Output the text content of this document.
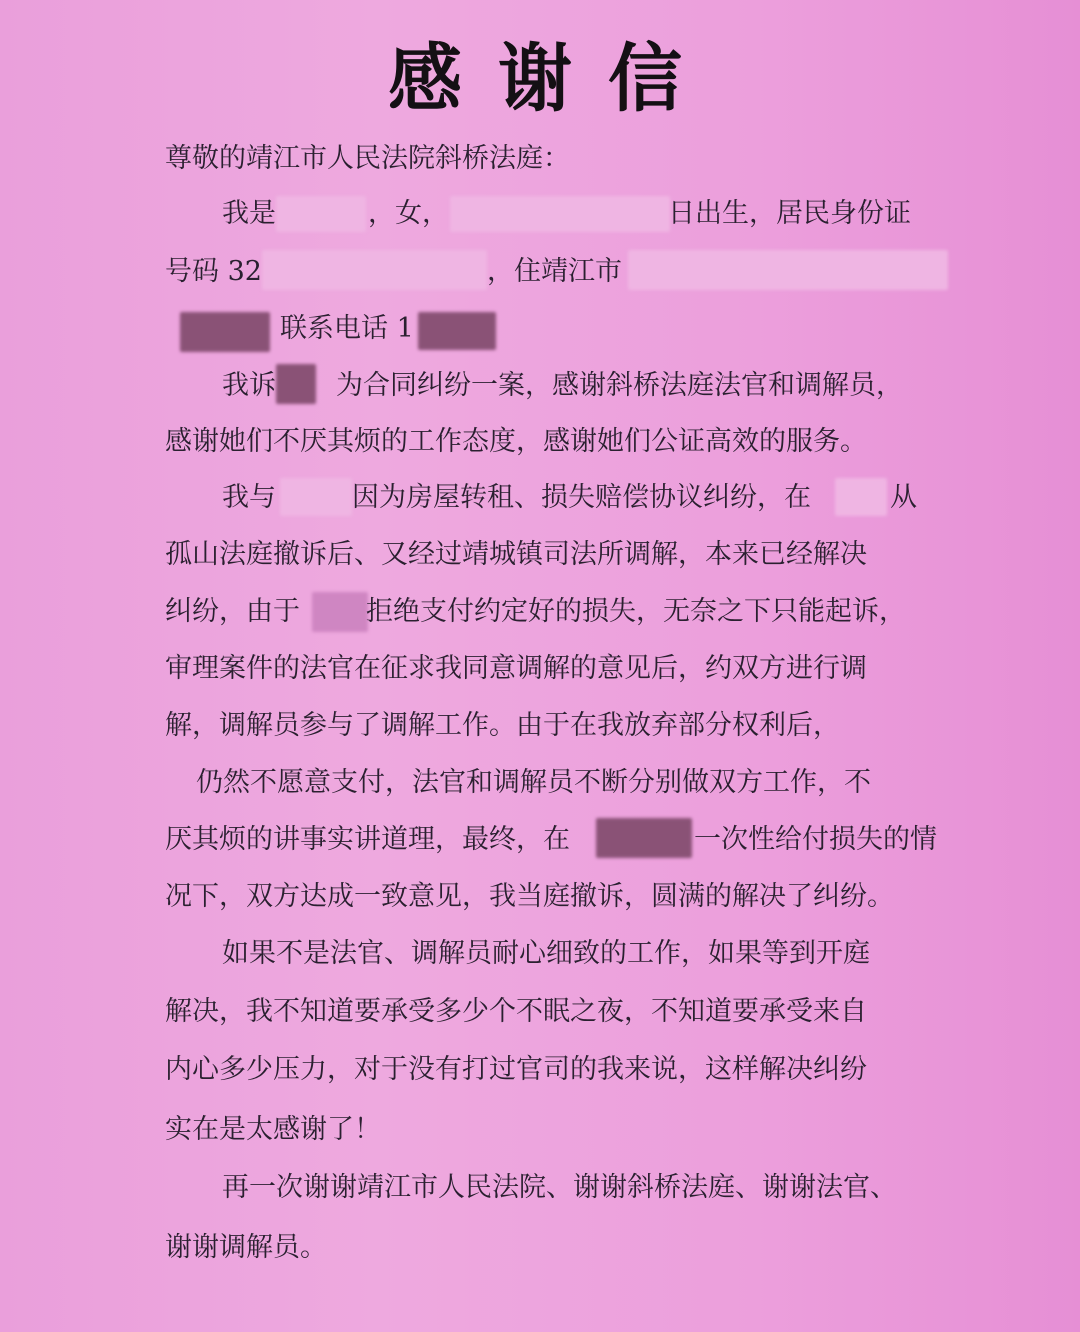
感谢信
尊敬的靖江市人民法院斜桥法庭：
我是	，女，	日出生，居民身份证
号码 32	，住靖江市
联系电话 1
我诉 为合同纠纷一案，感谢斜桥法庭法官和调解员，
感谢她们不厌其烦的工作态度，感谢她们公证高效的服务。
我与	因为房屋转租、损失赔偿协议纠纷，在	从
孤山法庭撤诉后、又经过靖城镇司法所调解，本来已经解决
纠纷，由于 拒绝支付约定好的损失，无奈之下只能起诉，
审理案件的法官在征求我同意调解的意见后，约双方进行调
解，调解员参与了调解工作。由于在我放弃部分权利后，
仍然不愿意支付，法官和调解员不断分别做双方工作，不
厌其烦的讲事实讲道理，最终，在	一次性给付损失的情
况下，双方达成一致意见，我当庭撤诉，圆满的解决了纠纷。
如果不是法官、调解员耐心细致的工作，如果等到开庭
解决，我不知道要承受多少个不眠之夜，不知道要承受来自
内心多少压力，对于没有打过官司的我来说，这样解决纠纷
实在是太感谢了！
再一次谢谢靖江市人民法院、谢谢斜桥法庭、谢谢法官、
谢谢调解员。
